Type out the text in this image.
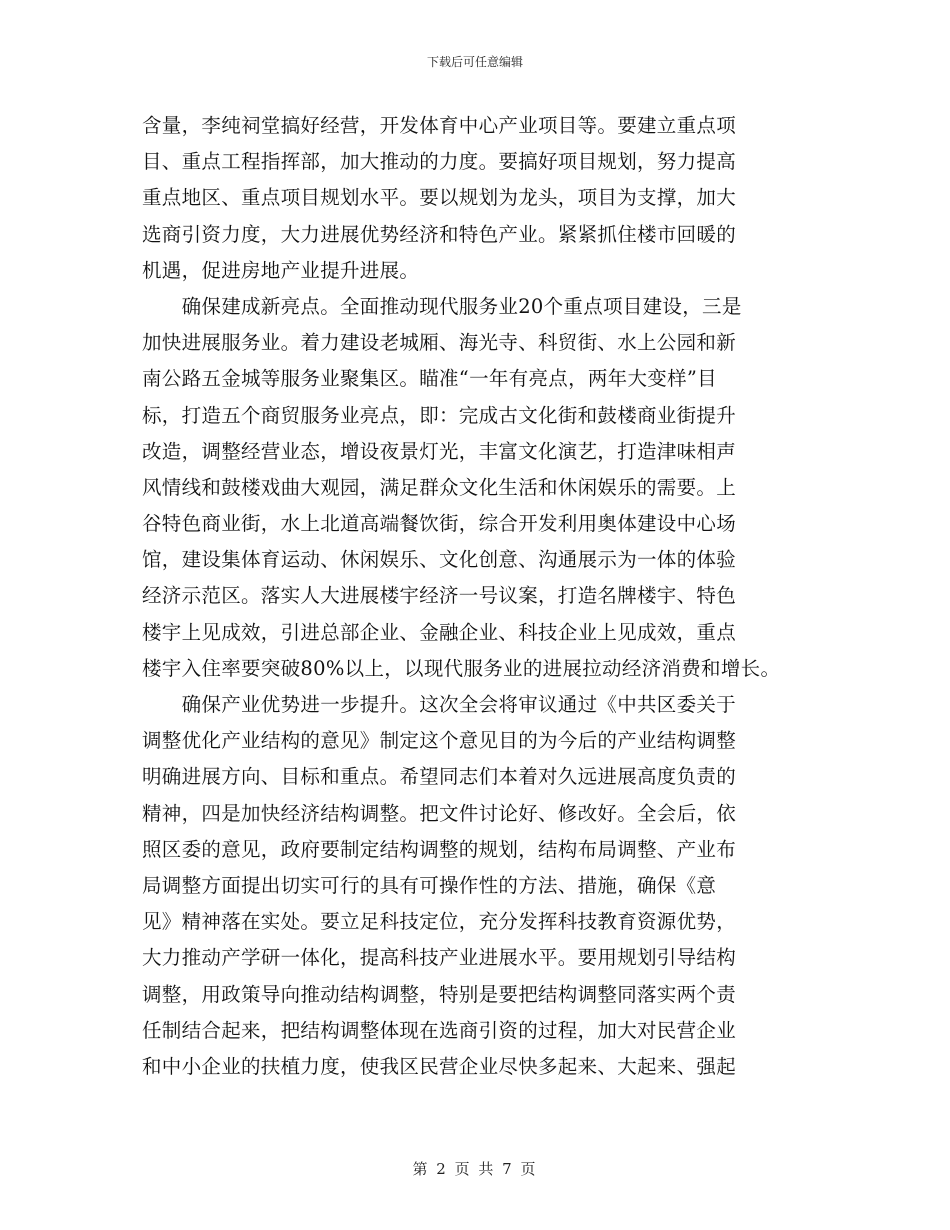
下载后可任意编辑
含量，李纯祠堂搞好经营，开发体育中心产业项目等。要建立重点项
目、重点工程指挥部，加大推动的力度。要搞好项目规划，努力提高
重点地区、重点项目规划水平。要以规划为龙头，项目为支撑，加大
选商引资力度，大力进展优势经济和特色产业。紧紧抓住楼市回暖的
机遇，促进房地产业提升进展。
　　确保建成新亮点。全面推动现代服务业20个重点项目建设，三是
加快进展服务业。着力建设老城厢、海光寺、科贸街、水上公园和新
南公路五金城等服务业聚集区。瞄准“一年有亮点，两年大变样”目
标，打造五个商贸服务业亮点，即：完成古文化街和鼓楼商业街提升
改造，调整经营业态，增设夜景灯光，丰富文化演艺，打造津味相声
风情线和鼓楼戏曲大观园，满足群众文化生活和休闲娱乐的需要。上
谷特色商业街，水上北道高端餐饮街，综合开发利用奥体建设中心场
馆，建设集体育运动、休闲娱乐、文化创意、沟通展示为一体的体验
经济示范区。落实人大进展楼宇经济一号议案，打造名牌楼宇、特色
楼宇上见成效，引进总部企业、金融企业、科技企业上见成效，重点
楼宇入住率要突破80%以上，以现代服务业的进展拉动经济消费和增长。
　　确保产业优势进一步提升。这次全会将审议通过《中共区委关于
调整优化产业结构的意见》制定这个意见目的为今后的产业结构调整
明确进展方向、目标和重点。希望同志们本着对久远进展高度负责的
精神，四是加快经济结构调整。把文件讨论好、修改好。全会后，依
照区委的意见，政府要制定结构调整的规划，结构布局调整、产业布
局调整方面提出切实可行的具有可操作性的方法、措施，确保《意
见》精神落在实处。要立足科技定位，充分发挥科技教育资源优势，
大力推动产学研一体化，提高科技产业进展水平。要用规划引导结构
调整，用政策导向推动结构调整，特别是要把结构调整同落实两个责
任制结合起来，把结构调整体现在选商引资的过程，加大对民营企业
和中小企业的扶植力度，使我区民营企业尽快多起来、大起来、强起
第 2 页 共 7 页
